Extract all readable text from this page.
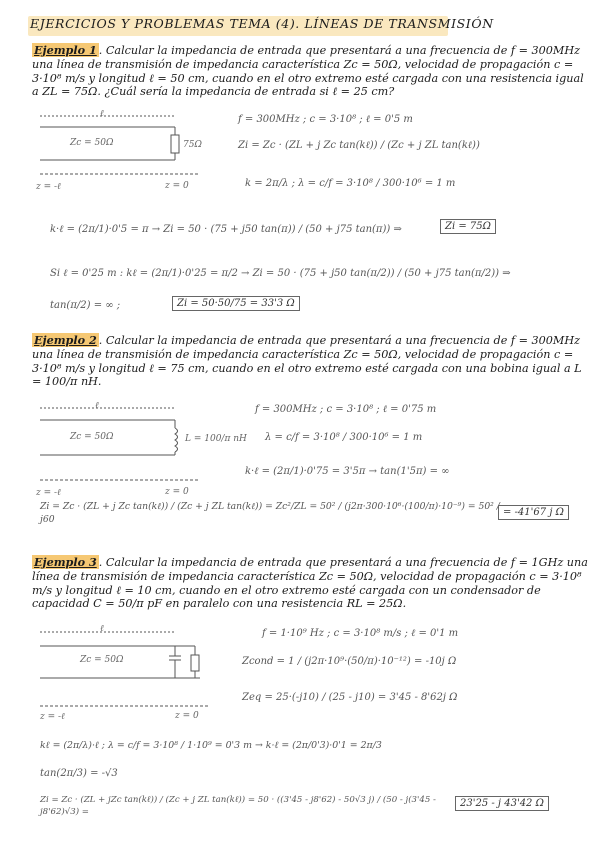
EJERCICIOS Y PROBLEMAS TEMA (4). LÍNEAS DE TRANSMISIÓN
Ejemplo 1 . Calcular la impedancia de entrada que presentará a una frecuencia de f = 300MHz una línea de transmisión de impedancia característica Zc = 50Ω, velocidad de propagación c = 3·10⁸ m/s y longitud ℓ = 50 cm, cuando en el otro extremo esté cargada con una resistencia igual a ZL = 75Ω. ¿Cuál sería la impedancia de entrada si ℓ = 25 cm?
ℓ
Zc = 50Ω	75Ω
z = -ℓ	z = 0
f = 300MHz ; c = 3·10⁸ ; ℓ = 0'5 m
Zi = Zc · (ZL + j Zc tan(kℓ)) / (Zc + j ZL tan(kℓ))
k = 2π/λ ; λ = c/f = 3·10⁸ / 300·10⁶ = 1 m
k·ℓ = (2π/1)·0'5 = π → Zi = 50 · (75 + j50 tan(π)) / (50 + j75 tan(π)) ⇒	Zi = 75Ω
Si ℓ = 0'25 m : kℓ = (2π/1)·0'25 = π/2 → Zi = 50 · (75 + j50 tan(π/2)) / (50 + j75 tan(π/2)) ⇒
tan(π/2) = ∞ ;	Zi = 50·50/75 = 33'3 Ω
Ejemplo 2 . Calcular la impedancia de entrada que presentará a una frecuencia de f = 300MHz una línea de transmisión de impedancia característica Zc = 50Ω, velocidad de propagación c = 3·10⁸ m/s y longitud ℓ = 75 cm, cuando en el otro extremo esté cargada con una bobina igual a L = 100/π nH.
ℓ
Zc = 50Ω	L = 100/π nH
z = -ℓ	z = 0
f = 300MHz ; c = 3·10⁸ ; ℓ = 0'75 m
λ = c/f = 3·10⁸ / 300·10⁶ = 1 m
k·ℓ = (2π/1)·0'75 = 3'5π → tan(1'5π) = ∞
Zi = Zc · (ZL + j Zc tan(kℓ)) / (Zc + j ZL tan(kℓ)) = Zc²/ZL = 50² / (j2π·300·10⁶·(100/π)·10⁻⁹) = 50² / j60
= -41'67 j Ω
Ejemplo 3 . Calcular la impedancia de entrada que presentará a una frecuencia de f = 1GHz una línea de transmisión de impedancia característica Zc = 50Ω, velocidad de propagación c = 3·10⁸ m/s y longitud ℓ = 10 cm, cuando en el otro extremo esté cargada con un condensador de capacidad C = 50/π pF en paralelo con una resistencia RL = 25Ω.
ℓ
Zc = 50Ω
z = -ℓ	z = 0
f = 1·10⁹ Hz ; c = 3·10⁸ m/s ; ℓ = 0'1 m
Zcond = 1 / (j2π·10⁹·(50/π)·10⁻¹²) = -10j Ω
Zeq = 25·(-j10) / (25 - j10) = 3'45 - 8'62j Ω
kℓ = (2π/λ)·ℓ ; λ = c/f = 3·10⁸ / 1·10⁹ = 0'3 m → k·ℓ = (2π/0'3)·0'1 = 2π/3
tan(2π/3) = -√3
Zi = Zc · (ZL + jZc tan(kℓ)) / (Zc + j ZL tan(kℓ)) = 50 · ((3'45 - j8'62) - 50√3 j) / (50 - j(3'45 - j8'62)√3) =
23'25 - j 43'42 Ω
